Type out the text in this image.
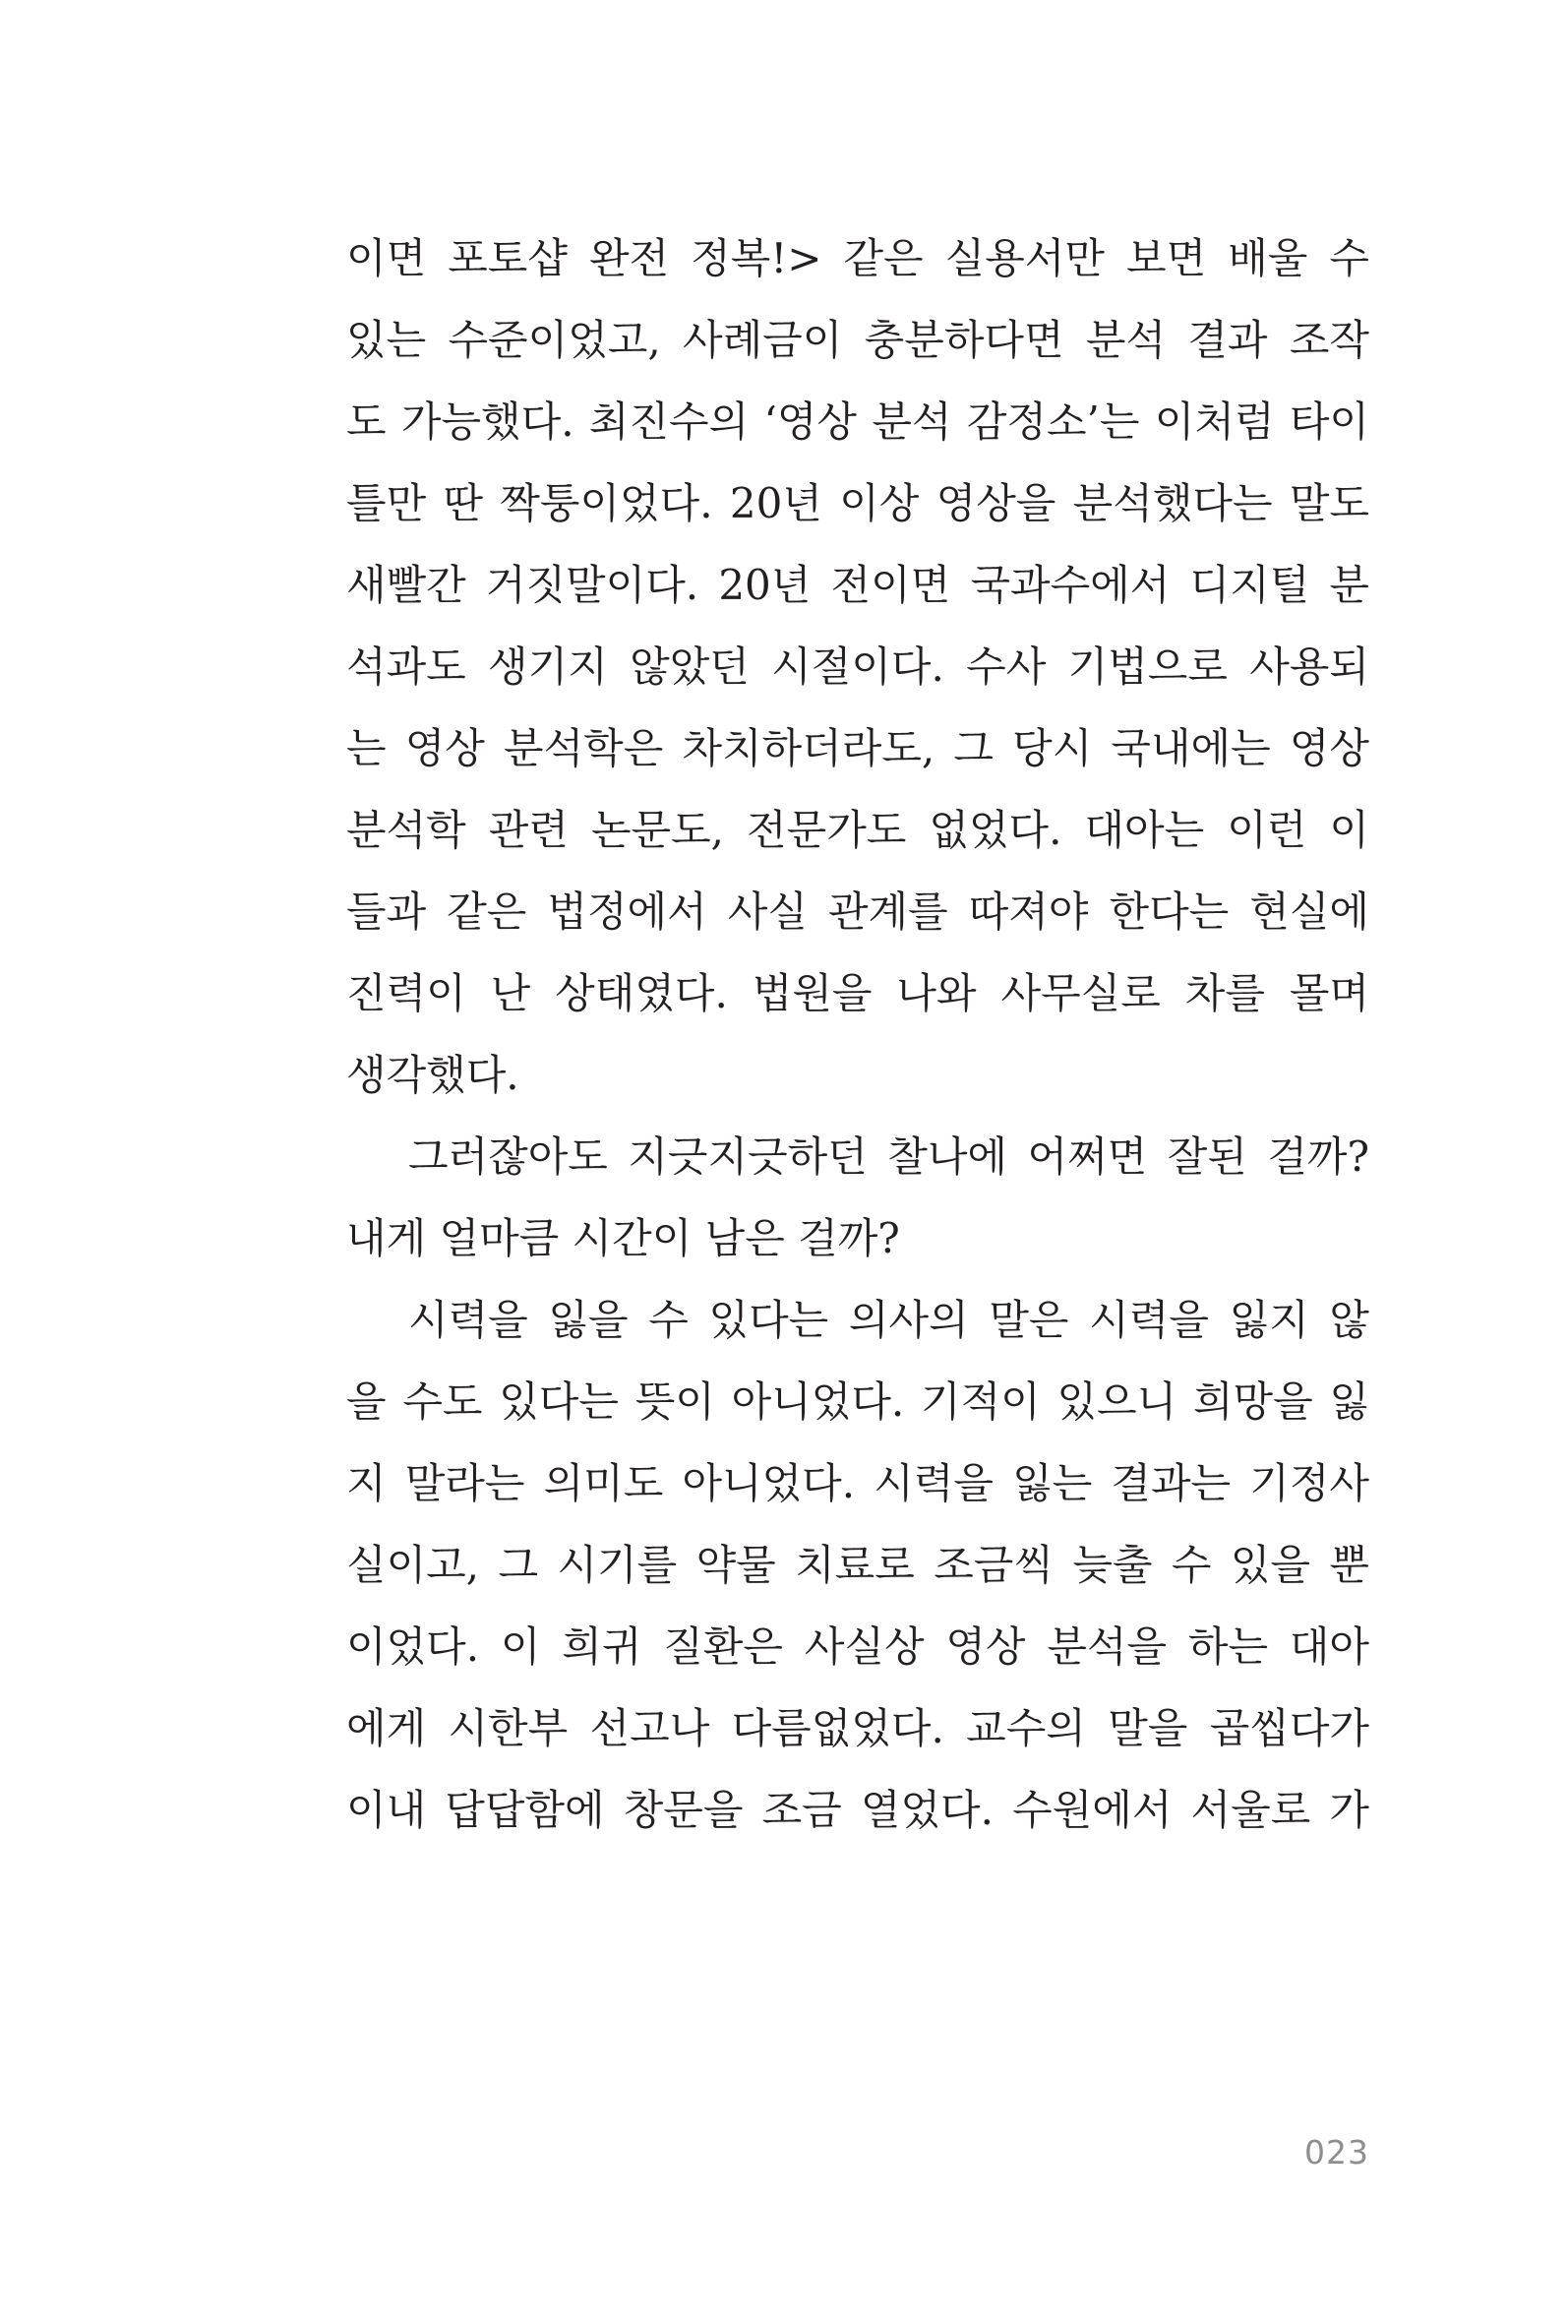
이면 포토샵 완전 정복!> 같은 실용서만 보면 배울 수
있는 수준이었고, 사례금이 충분하다면 분석 결과 조작
도 가능했다. 최진수의 ‘영상 분석 감정소’는 이처럼 타이
틀만 딴 짝퉁이었다. 20년 이상 영상을 분석했다는 말도
새빨간 거짓말이다. 20년 전이면 국과수에서 디지털 분
석과도 생기지 않았던 시절이다. 수사 기법으로 사용되
는 영상 분석학은 차치하더라도, 그 당시 국내에는 영상
분석학 관련 논문도, 전문가도 없었다. 대아는 이런 이
들과 같은 법정에서 사실 관계를 따져야 한다는 현실에
진력이 난 상태였다. 법원을 나와 사무실로 차를 몰며
생각했다.
그러잖아도 지긋지긋하던 찰나에 어쩌면 잘된 걸까?
내게 얼마큼 시간이 남은 걸까?
시력을 잃을 수 있다는 의사의 말은 시력을 잃지 않
을 수도 있다는 뜻이 아니었다. 기적이 있으니 희망을 잃
지 말라는 의미도 아니었다. 시력을 잃는 결과는 기정사
실이고, 그 시기를 약물 치료로 조금씩 늦출 수 있을 뿐
이었다. 이 희귀 질환은 사실상 영상 분석을 하는 대아
에게 시한부 선고나 다름없었다. 교수의 말을 곱씹다가
이내 답답함에 창문을 조금 열었다. 수원에서 서울로 가
023
